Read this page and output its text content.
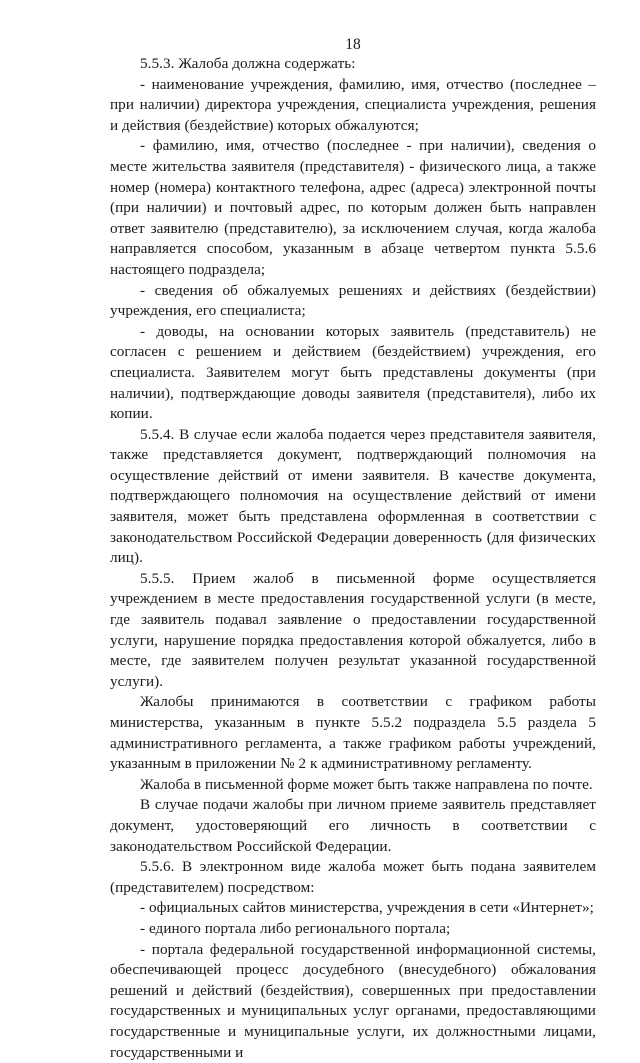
18

5.5.3. Жалоба должна содержать:

- наименование учреждения, фамилию, имя, отчество (последнее – при наличии) директора учреждения, специалиста учреждения, решения и действия (бездействие) которых обжалуются;

- фамилию, имя, отчество (последнее - при наличии), сведения о месте жительства заявителя (представителя) - физического лица, а также номер (номера) контактного телефона, адрес (адреса) электронной почты (при наличии) и почтовый адрес, по которым должен быть направлен ответ заявителю (представителю), за исключением случая, когда жалоба направляется способом, указанным в абзаце четвертом пункта 5.5.6 настоящего подраздела;

- сведения об обжалуемых решениях и действиях (бездействии) учреждения, его специалиста;

- доводы, на основании которых заявитель (представитель) не согласен с решением и действием (бездействием) учреждения, его специалиста. Заявителем могут быть представлены документы (при наличии), подтверждающие доводы заявителя (представителя), либо их копии.

5.5.4. В случае если жалоба подается через представителя заявителя, также представляется документ, подтверждающий полномочия на осуществление действий от имени заявителя. В качестве документа, подтверждающего полномочия на осуществление действий от имени заявителя, может быть представлена оформленная в соответствии с законодательством Российской Федерации доверенность (для физических лиц).

5.5.5. Прием жалоб в письменной форме осуществляется учреждением в месте предоставления государственной услуги (в месте, где заявитель подавал заявление о предоставлении государственной услуги, нарушение порядка предоставления которой обжалуется, либо в месте, где заявителем получен результат указанной государственной услуги).

Жалобы принимаются в соответствии с графиком работы министерства, указанным в пункте 5.5.2 подраздела 5.5 раздела 5 административного регламента, а также графиком работы учреждений, указанным в приложении № 2 к административному регламенту.

Жалоба в письменной форме может быть также направлена по почте.

В случае подачи жалобы при личном приеме заявитель представляет документ, удостоверяющий его личность в соответствии с законодательством Российской Федерации.

5.5.6. В электронном виде жалоба может быть подана заявителем (представителем) посредством:

- официальных сайтов министерства, учреждения в сети «Интернет»;

- единого портала либо регионального портала;

- портала федеральной государственной информационной системы, обеспечивающей процесс досудебного (внесудебного) обжалования решений и действий (бездействия), совершенных при предоставлении государственных и муниципальных услуг органами, предоставляющими государственные и муниципальные услуги, их должностными лицами, государственными и
